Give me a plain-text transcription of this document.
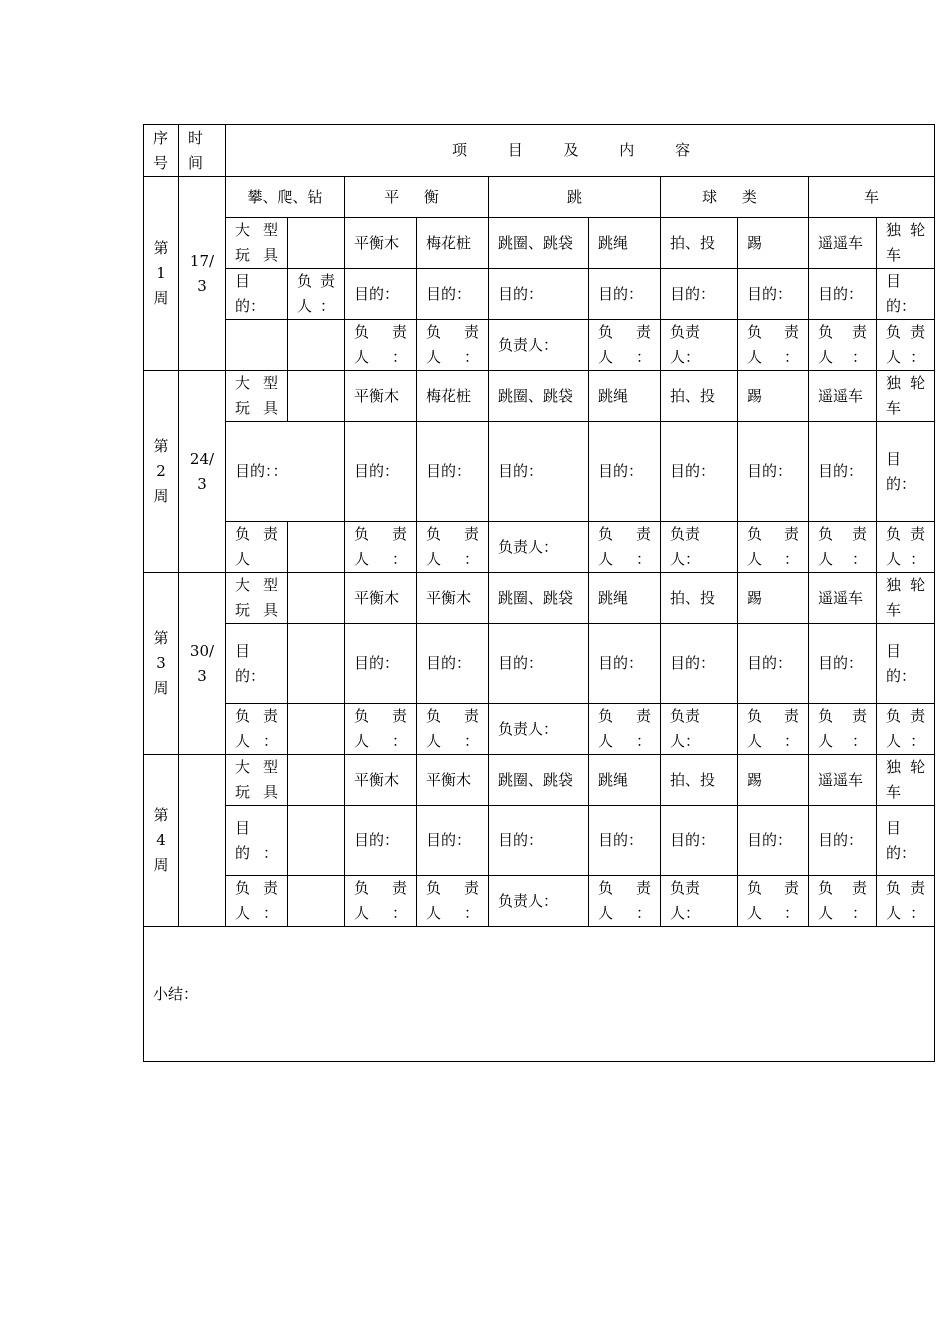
序号	时间	项 目 及 内 容									
第1周	17/3	攀、爬、钻		平 衡		跳		球 类		车	
		大型玩具		平衡木	梅花桩	跳圈、跳袋	跳绳	拍、投	踢	遥遥车	独轮车
		目的：	负责人：	目的：	目的：	目的：	目的：	目的：	目的：	目的：	目的：
				负责人：	负责人：	负责人：	负责人：	负责人：	负责人：	负责人：	负责人：
第2周	24/3	大型玩具		平衡木	梅花桩	跳圈、跳袋	跳绳	拍、投	踢	遥遥车	独轮车
		目的：：		目的：	目的：	目的：	目的：	目的：	目的：	目的：	目的：
		负责人		负责人：	负责人：	负责人：	负责人：	负责人：	负责人：	负责人：	负责人：
第3周	30/3	大型玩具		平衡木	平衡木	跳圈、跳袋	跳绳	拍、投	踢	遥遥车	独轮车
		目的：		目的：	目的：	目的：	目的：	目的：	目的：	目的：	目的：
		负责人：		负责人：	负责人：	负责人：	负责人：	负责人：	负责人：	负责人：	负责人：
第4周		大型玩具		平衡木	平衡木	跳圈、跳袋	跳绳	拍、投	踢	遥遥车	独轮车
		目的：		目的：	目的：	目的：	目的：	目的：	目的：	目的：	目的：
		负责人：		负责人：	负责人：	负责人：	负责人：	负责人：	负责人：	负责人：	负责人：
小结：											
